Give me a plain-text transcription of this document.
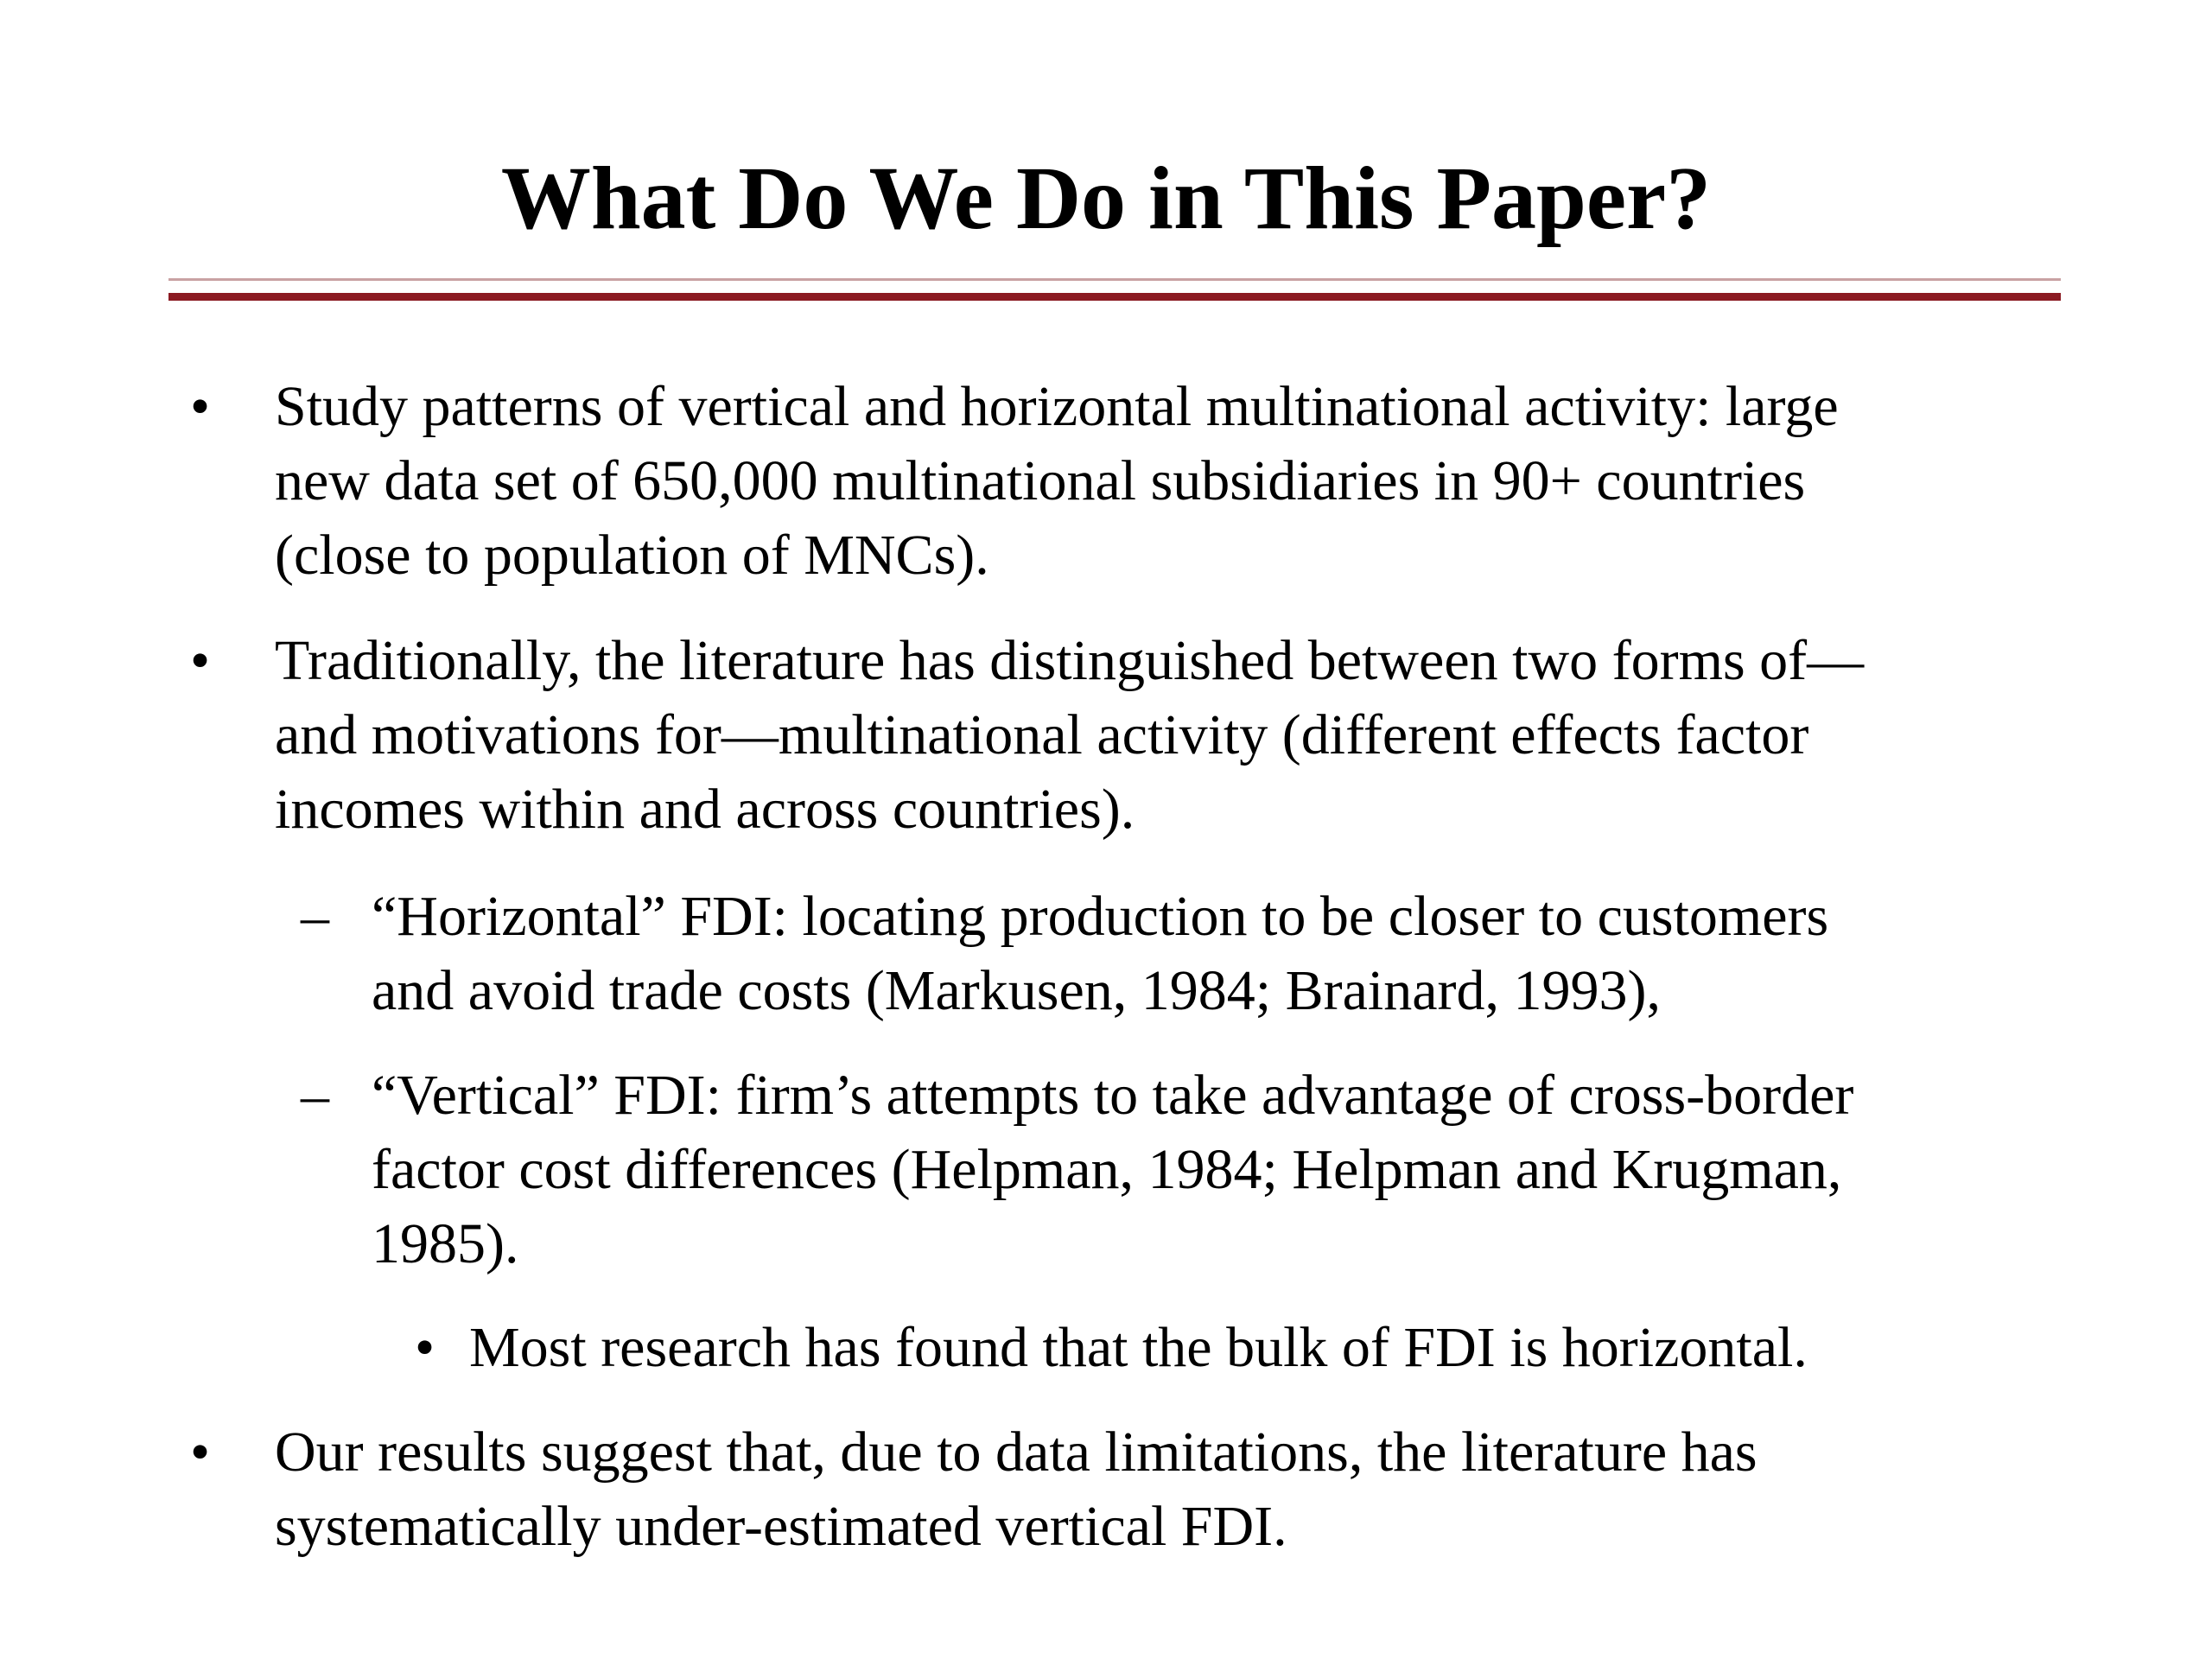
What Do We Do in This Paper?
• Study patterns of vertical and horizontal multinational activity: large
new data set of 650,000 multinational subsidiaries in 90+ countries
(close to population of MNCs).
• Traditionally, the literature has distinguished between two forms of—
and motivations for—multinational activity (different effects factor
incomes within and across countries).
– “Horizontal” FDI: locating production to be closer to customers
and avoid trade costs (Markusen, 1984; Brainard, 1993),
– “Vertical” FDI: firm’s attempts to take advantage of cross-border
factor cost differences (Helpman, 1984; Helpman and Krugman,
1985).
• Most research has found that the bulk of FDI is horizontal.
• Our results suggest that, due to data limitations, the literature has
systematically under-estimated vertical FDI.
